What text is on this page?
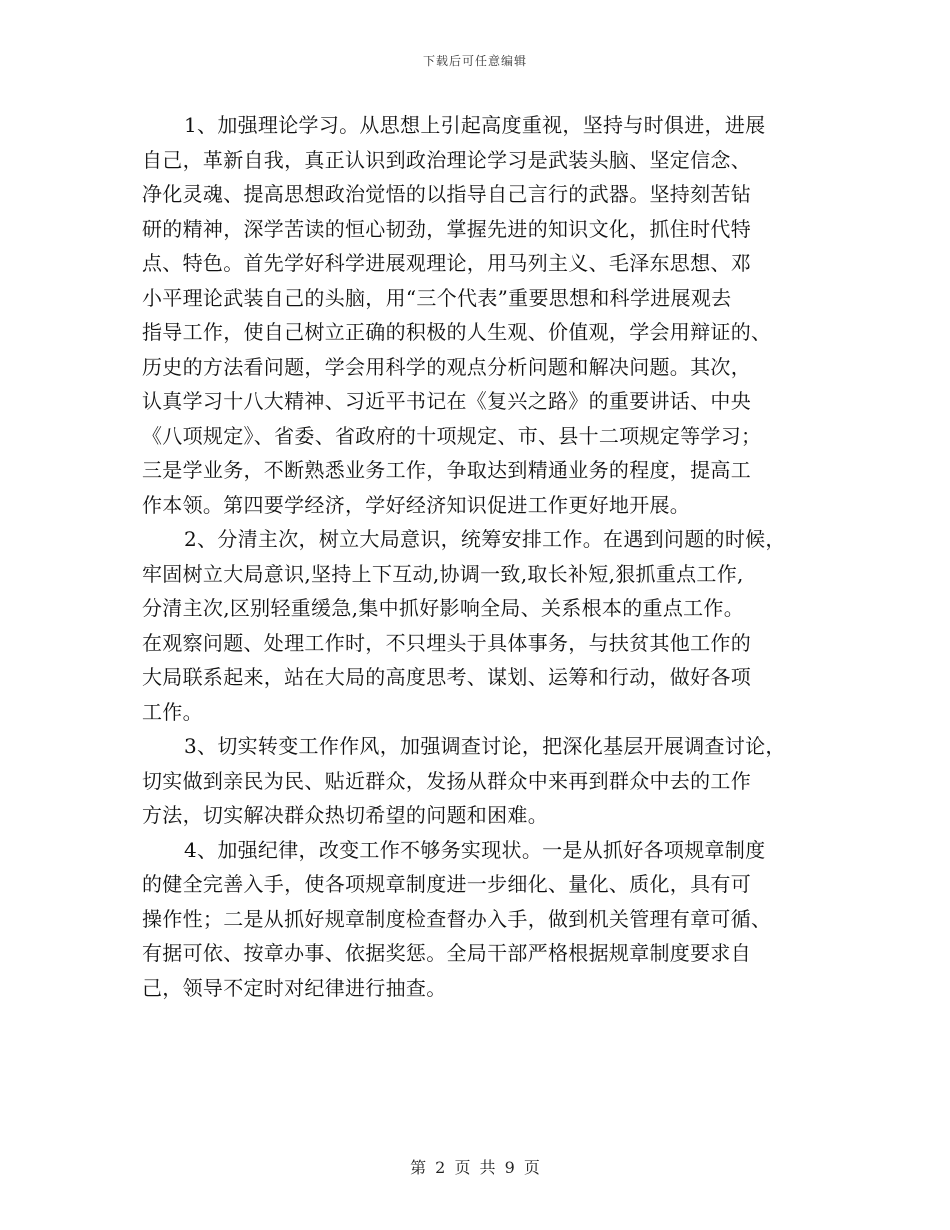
下载后可任意编辑
1、加强理论学习。从思想上引起高度重视，坚持与时俱进，进展
自己，革新自我，真正认识到政治理论学习是武装头脑、坚定信念、
净化灵魂、提高思想政治觉悟的以指导自己言行的武器。坚持刻苦钻
研的精神，深学苦读的恒心韧劲，掌握先进的知识文化，抓住时代特
点、特色。首先学好科学进展观理论，用马列主义、毛泽东思想、邓
小平理论武装自己的头脑，用“三个代表”重要思想和科学进展观去
指导工作，使自己树立正确的积极的人生观、价值观，学会用辩证的、
历史的方法看问题，学会用科学的观点分析问题和解决问题。其次，
认真学习十八大精神、习近平书记在《复兴之路》的重要讲话、中央
《八项规定》、省委、省政府的十项规定、市、县十二项规定等学习；
三是学业务，不断熟悉业务工作，争取达到精通业务的程度，提高工
作本领。第四要学经济，学好经济知识促进工作更好地开展。
2、分清主次，树立大局意识，统筹安排工作。在遇到问题的时候，
牢固树立大局意识,坚持上下互动,协调一致,取长补短,狠抓重点工作,
分清主次,区别轻重缓急,集中抓好影响全局、关系根本的重点工作。
在观察问题、处理工作时，不只埋头于具体事务，与扶贫其他工作的
大局联系起来，站在大局的高度思考、谋划、运筹和行动，做好各项
工作。
3、切实转变工作作风，加强调查讨论，把深化基层开展调查讨论，
切实做到亲民为民、贴近群众，发扬从群众中来再到群众中去的工作
方法，切实解决群众热切希望的问题和困难。
4、加强纪律，改变工作不够务实现状。一是从抓好各项规章制度
的健全完善入手，使各项规章制度进一步细化、量化、质化，具有可
操作性；二是从抓好规章制度检查督办入手，做到机关管理有章可循、
有据可依、按章办事、依据奖惩。全局干部严格根据规章制度要求自
己，领导不定时对纪律进行抽查。
第 2 页 共 9 页
